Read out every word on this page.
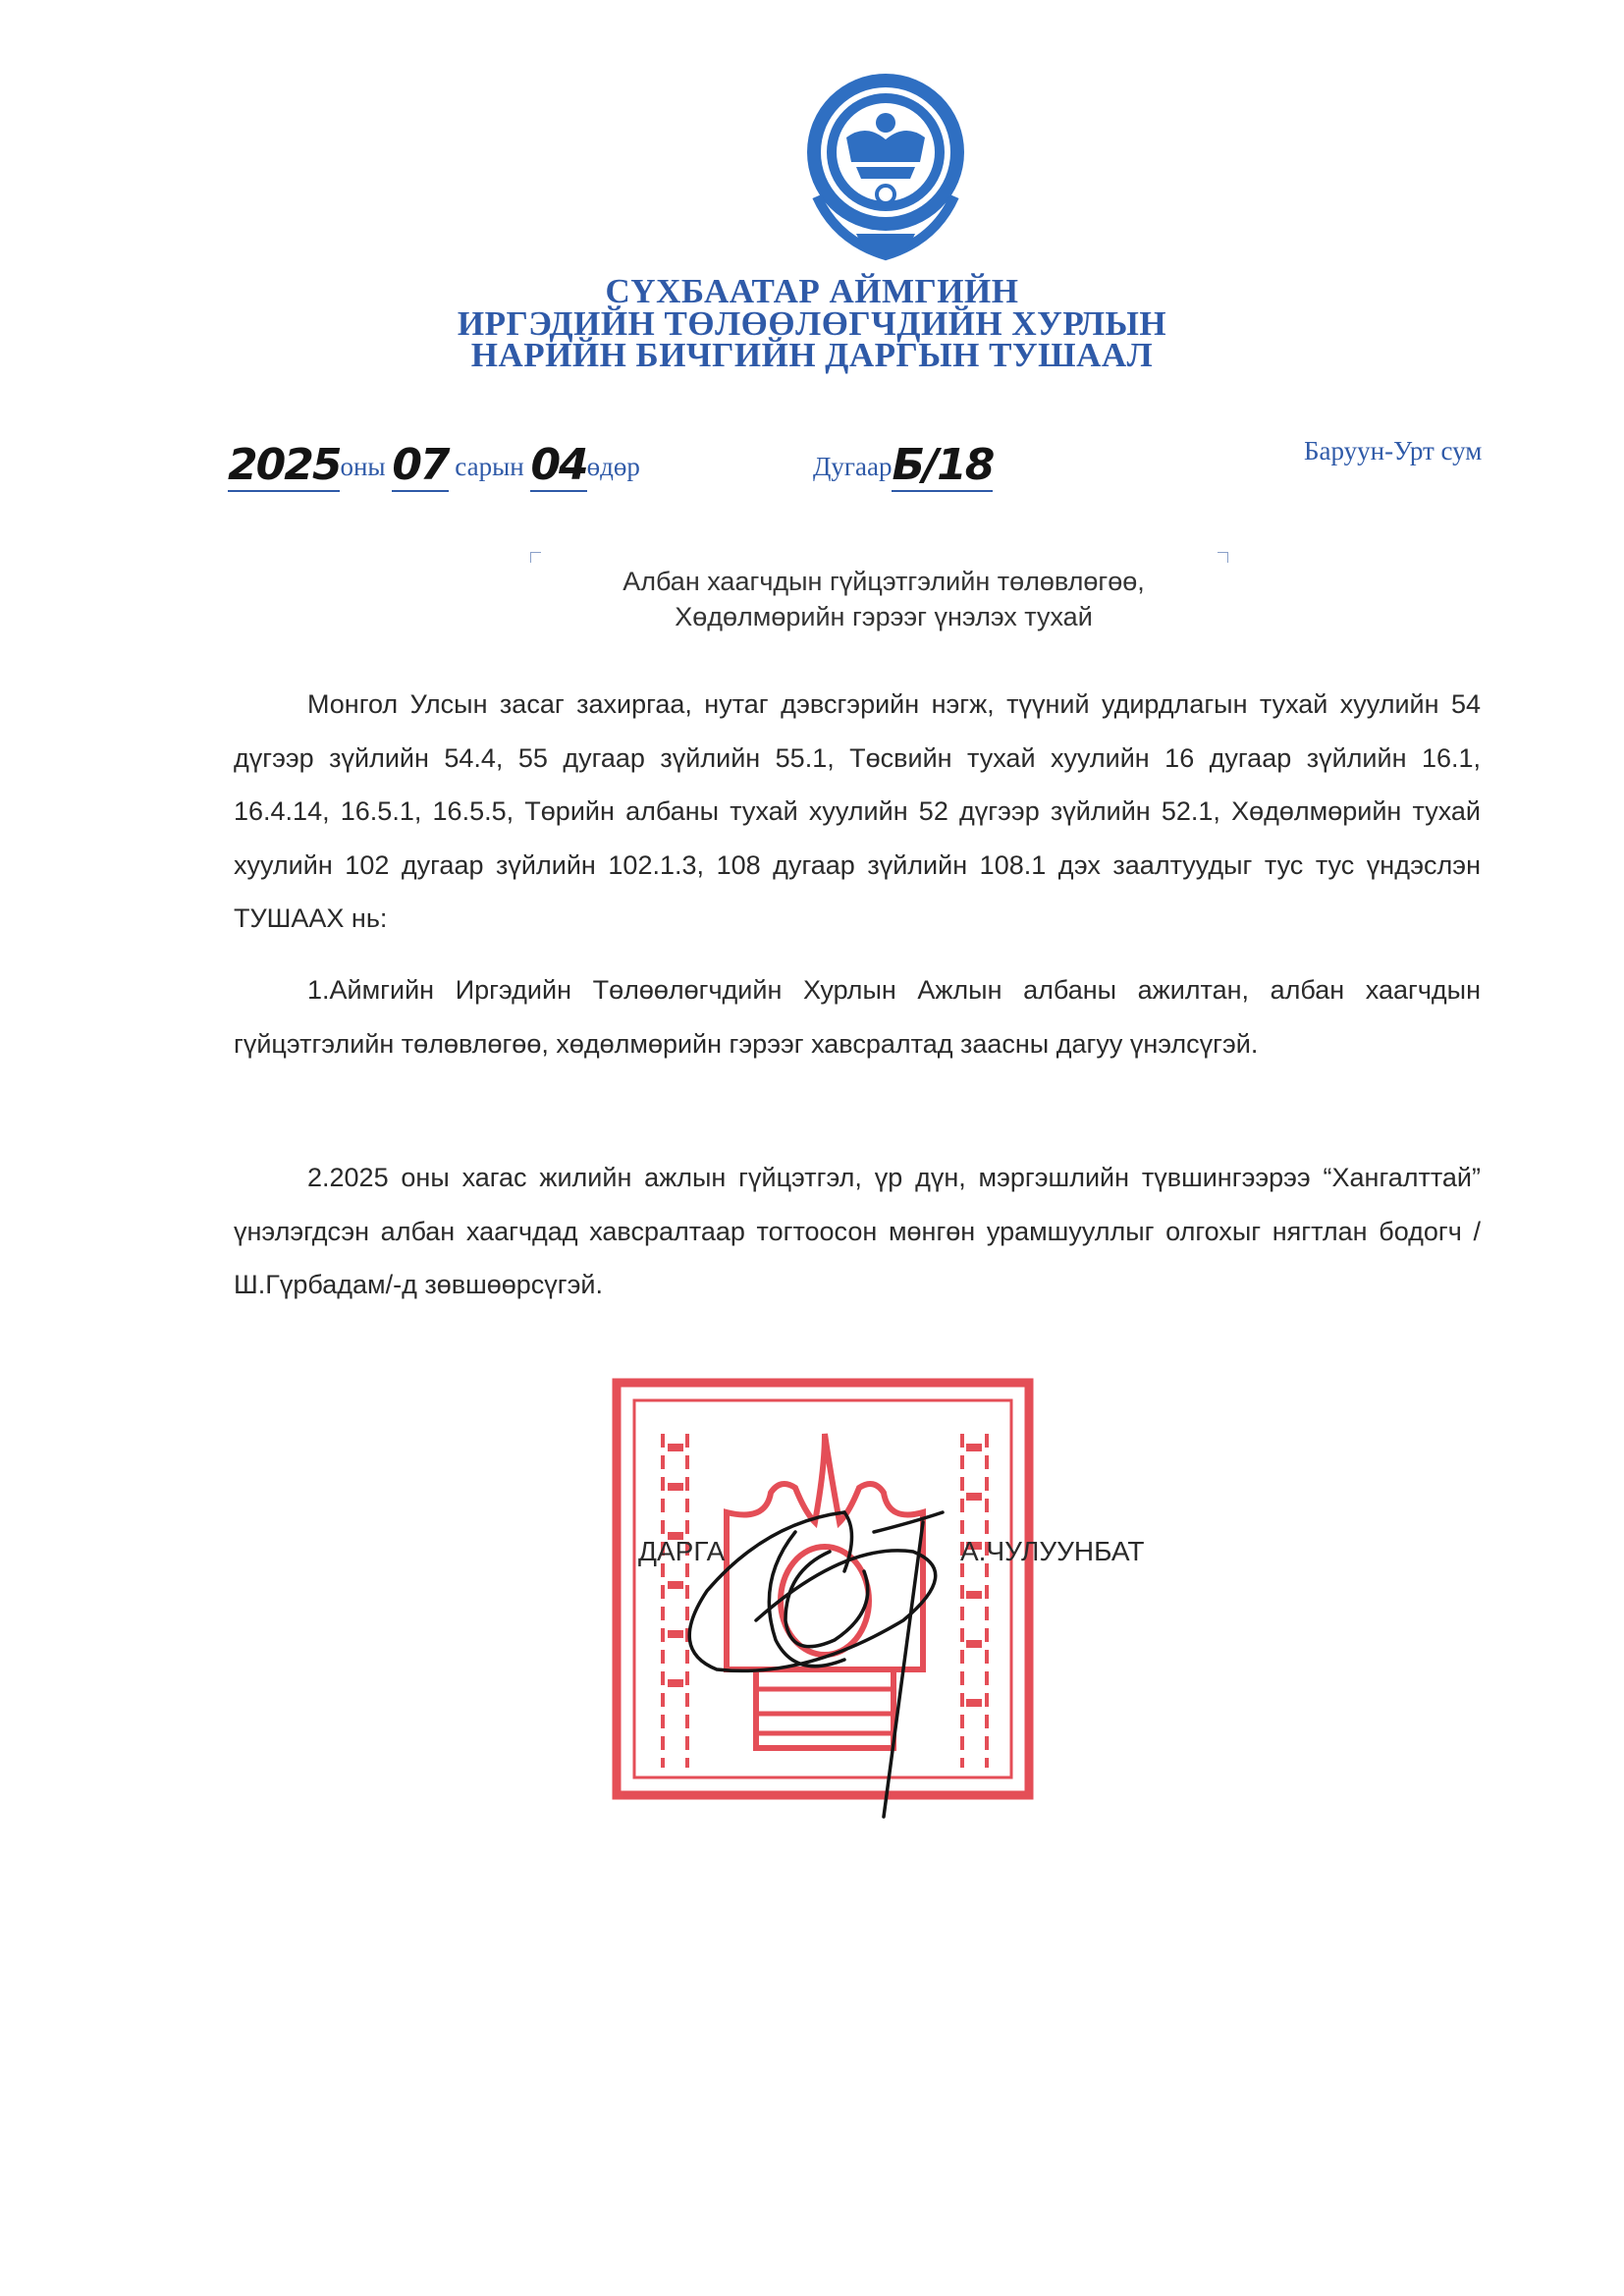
СҮХБААТАР АЙМГИЙН
ИРГЭДИЙН ТӨЛӨӨЛӨГЧДИЙН ХУРЛЫН
НАРИЙН БИЧГИЙН ДАРГЫН ТУШААЛ
2025оны 07 сарын 04өдөр	ДугаарБ/18	Баруун-Урт сум
Албан хаагчдын гүйцэтгэлийн төлөвлөгөө,
Хөдөлмөрийн гэрээг үнэлэх тухай

Монгол Улсын засаг захиргаа, нутаг дэвсгэрийн нэгж, түүний удирдлагын тухай хуулийн 54 дүгээр зүйлийн 54.4, 55 дугаар зүйлийн 55.1, Төсвийн тухай хуулийн 16 дугаар зүйлийн 16.1, 16.4.14, 16.5.1, 16.5.5, Төрийн албаны тухай хуулийн 52 дүгээр зүйлийн 52.1, Хөдөлмөрийн тухай хуулийн 102 дугаар зүйлийн 102.1.3, 108 дугаар зүйлийн 108.1 дэх заалтуудыг тус тус үндэслэн ТУШААХ нь:

1.Аймгийн Иргэдийн Төлөөлөгчдийн Хурлын Ажлын албаны ажилтан, албан хаагчдын гүйцэтгэлийн төлөвлөгөө, хөдөлмөрийн гэрээг хавсралтад заасны дагуу үнэлсүгэй.

2.2025 оны хагас жилийн ажлын гүйцэтгэл, үр дүн, мэргэшлийн түвшингээрээ “Хангалттай” үнэлэгдсэн албан хаагчдад хавсралтаар тогтоосон мөнгөн урамшууллыг олгохыг нягтлан бодогч /Ш.Гүрбадам/-д зөвшөөрсүгэй.

ДАРГА	А.ЧУЛУУНБАТ
